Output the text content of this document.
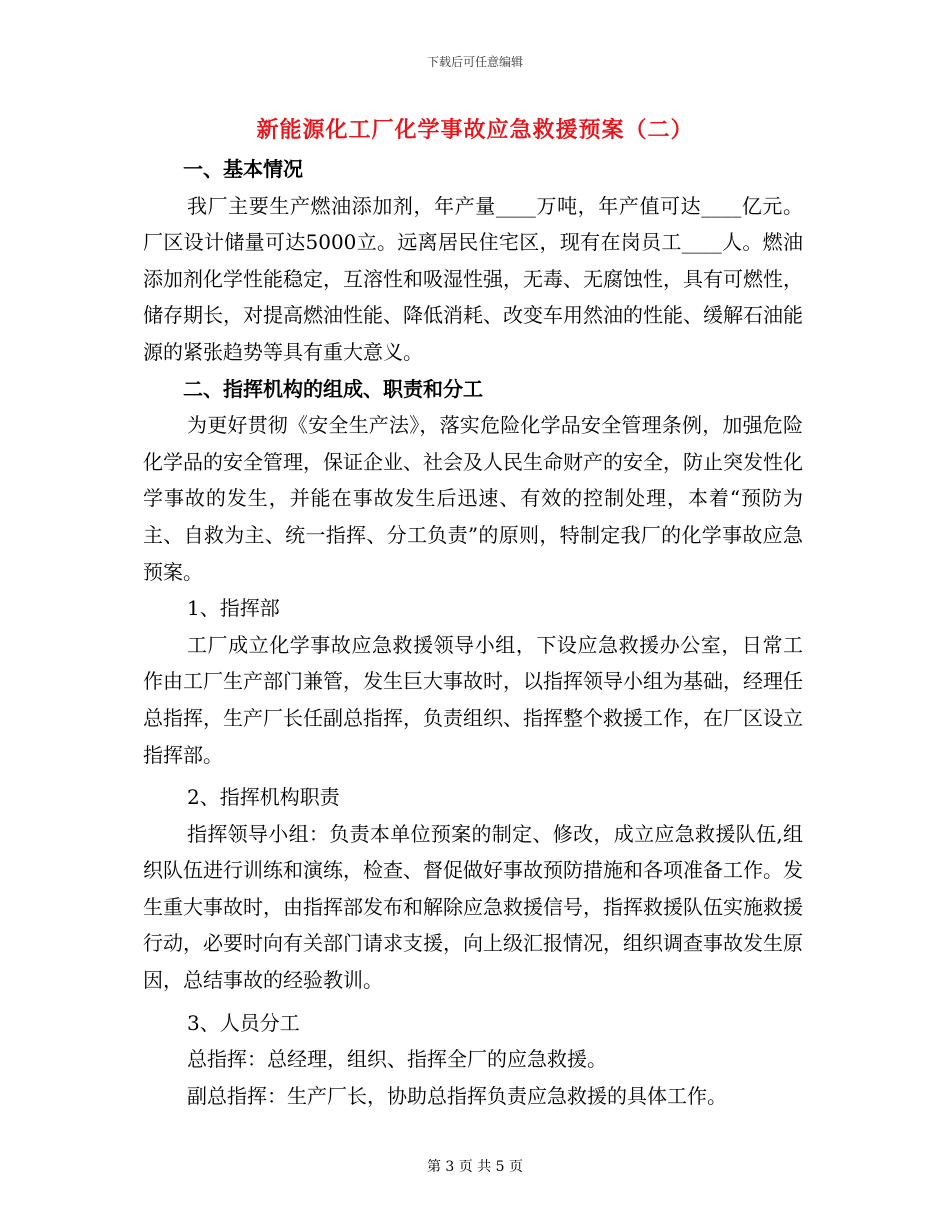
下载后可任意编辑
新能源化工厂化学事故应急救援预案（二）
一、基本情况

我厂主要生产燃油添加剂，年产量____万吨，年产值可达____亿元。厂区设计储量可达5000立。远离居民住宅区，现有在岗员工____人。燃油添加剂化学性能稳定，互溶性和吸湿性强，无毒、无腐蚀性，具有可燃性，储存期长，对提高燃油性能、降低消耗、改变车用然油的性能、缓解石油能源的紧张趋势等具有重大意义。

二、指挥机构的组成、职责和分工

为更好贯彻《安全生产法》，落实危险化学品安全管理条例，加强危险化学品的安全管理，保证企业、社会及人民生命财产的安全，防止突发性化学事故的发生，并能在事故发生后迅速、有效的控制处理，本着“预防为主、自救为主、统一指挥、分工负责”的原则，特制定我厂的化学事故应急预案。

1、指挥部

工厂成立化学事故应急救援领导小组，下设应急救援办公室，日常工作由工厂生产部门兼管，发生巨大事故时，以指挥领导小组为基础，经理任总指挥，生产厂长任副总指挥，负责组织、指挥整个救援工作，在厂区设立指挥部。

2、指挥机构职责

指挥领导小组：负责本单位预案的制定、修改，成立应急救援队伍,组织队伍进行训练和演练，检查、督促做好事故预防措施和各项准备工作。发生重大事故时，由指挥部发布和解除应急救援信号，指挥救援队伍实施救援行动，必要时向有关部门请求支援，向上级汇报情况，组织调查事故发生原因，总结事故的经验教训。

3、人员分工

总指挥：总经理，组织、指挥全厂的应急救援。

副总指挥：生产厂长，协助总指挥负责应急救援的具体工作。

第 3 页 共 5 页
